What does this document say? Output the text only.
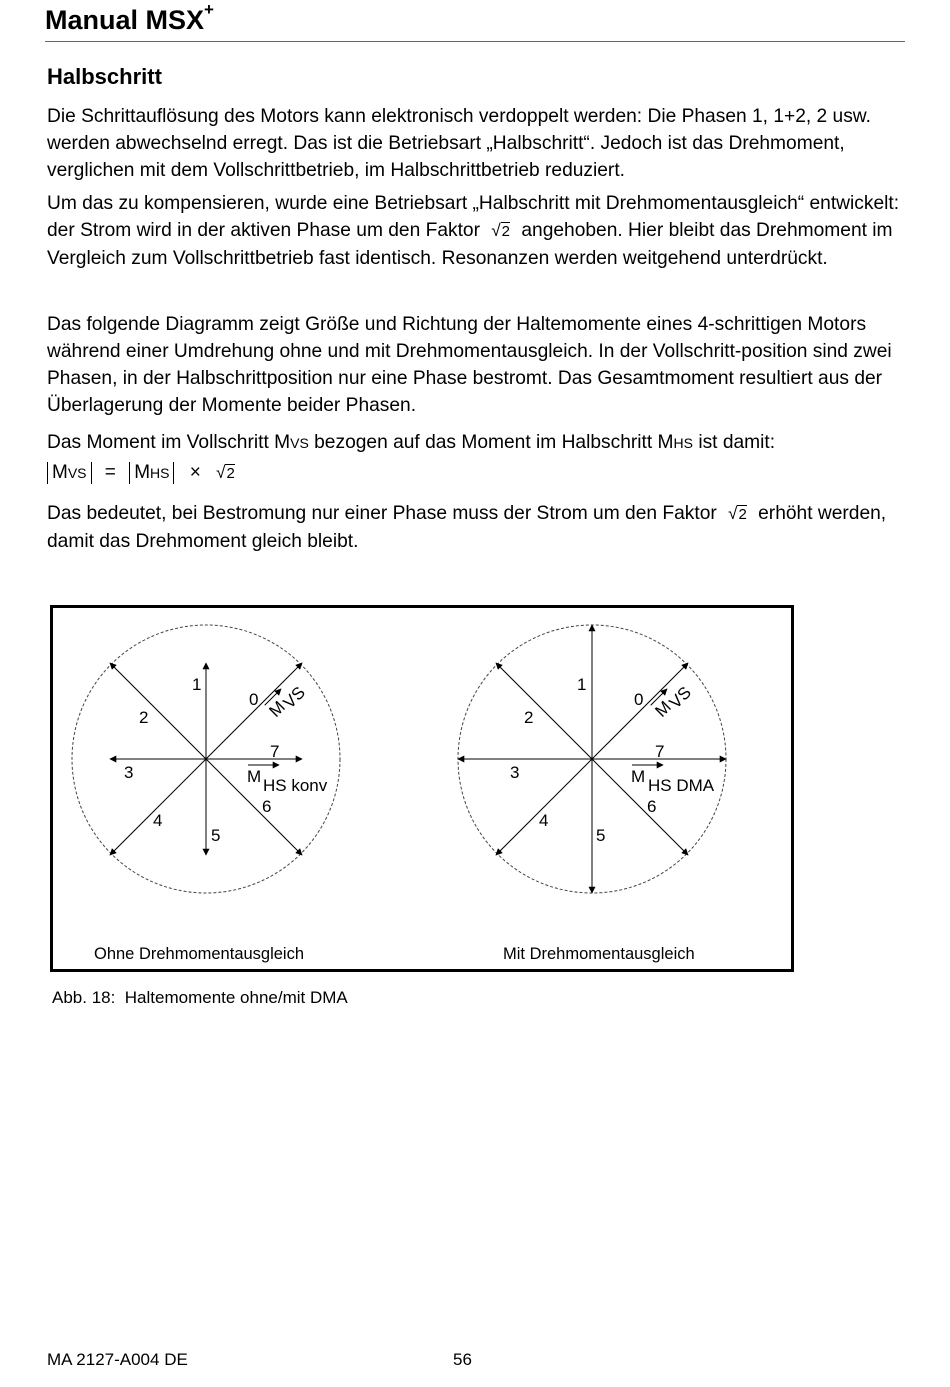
Manual MSX+
Halbschritt

Die Schrittauflösung des Motors kann elektronisch verdoppelt werden: Die Phasen 1, 1+2, 2 usw. werden abwechselnd erregt. Das ist die Betriebsart „Halbschritt“. Jedoch ist das Drehmoment, verglichen mit dem Vollschrittbetrieb, im Halbschrittbetrieb reduziert.

Um das zu kompensieren, wurde eine Betriebsart „Halbschritt mit Drehmomentausgleich“ entwickelt: der Strom wird in der aktiven Phase um den Faktor √2 angehoben. Hier bleibt das Drehmoment im Vergleich zum Vollschrittbetrieb fast identisch. Resonanzen werden weitgehend unterdrückt.

Das folgende Diagramm zeigt Größe und Richtung der Haltemomente eines 4-schrittigen Motors während einer Umdrehung ohne und mit Drehmomentausgleich. In der Vollschritt-position sind zwei Phasen, in der Halbschrittposition nur eine Phase bestromt. Das Gesamtmoment resultiert aus der Überlagerung der Momente beider Phasen.

Das Moment im Vollschritt MVS bezogen auf das Moment im Halbschritt MHS ist damit:

MVS = MHS × √2

Das bedeutet, bei Bestromung nur einer Phase muss der Strom um den Faktor √2 erhöht werden, damit das Drehmoment gleich bleibt.

0
1
2
3
4
5
6
7
M
VS
M HS konv
Ohne Drehmomentausgleich
0
1
2
3
4
5
6
7
M
VS
M HS DMA
Mit Drehmomentausgleich
Abb. 18: Haltemomente ohne/mit DMA
MA 2127-A004 DE	56
